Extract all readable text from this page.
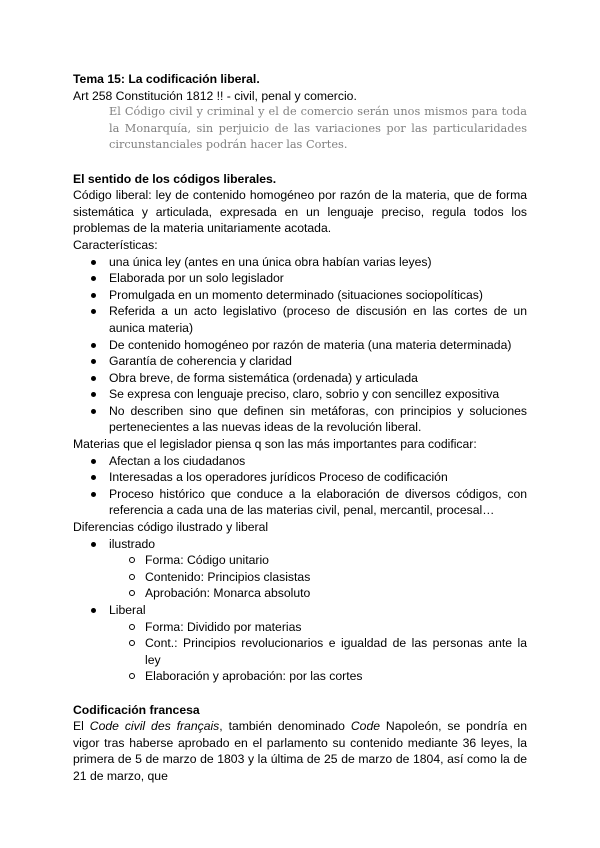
Tema 15: La codificación liberal.
Art 258 Constitución 1812 !! - civil, penal y comercio.

El Código civil y criminal y el de comercio serán unos mismos para toda la Monarquía, sin perjuicio de las variaciones por las particularidades circunstanciales podrán hacer las Cortes.

El sentido de los códigos liberales.
Código liberal: ley de contenido homogéneo por razón de la materia, que de forma sistemática y articulada, expresada en un lenguaje preciso, regula todos los problemas de la materia unitariamente acotada.
Características:
una única ley (antes en una única obra habían varias leyes)
Elaborada por un solo legislador
Promulgada en un momento determinado (situaciones sociopolíticas)
Referida a un acto legislativo (proceso de discusión en las cortes de un aunica materia)
De contenido homogéneo por razón de materia (una materia determinada)
Garantía de coherencia y claridad
Obra breve, de forma sistemática (ordenada) y articulada
Se expresa con lenguaje preciso, claro, sobrio y con sencillez expositiva
No describen sino que definen sin metáforas, con principios y soluciones pertenecientes a las nuevas ideas de la revolución liberal.
Materias que el legislador piensa q son las más importantes para codificar:
Afectan a los ciudadanos
Interesadas a los operadores jurídicos Proceso de codificación
Proceso histórico que conduce a la elaboración de diversos códigos, con referencia a cada una de las materias civil, penal, mercantil, procesal…
Diferencias código ilustrado y liberal
ilustrado
Forma: Código unitario
Contenido: Principios clasistas
Aprobación: Monarca absoluto
Liberal
Forma: Dividido por materias
Cont.: Principios revolucionarios e igualdad de las personas ante la ley
Elaboración y aprobación: por las cortes
Codificación francesa
El Code civil des français, también denominado Code Napoleón, se pondría en vigor tras haberse aprobado en el parlamento su contenido mediante 36 leyes, la primera de 5 de marzo de 1803 y la última de 25 de marzo de 1804, así como la de 21 de marzo, que
